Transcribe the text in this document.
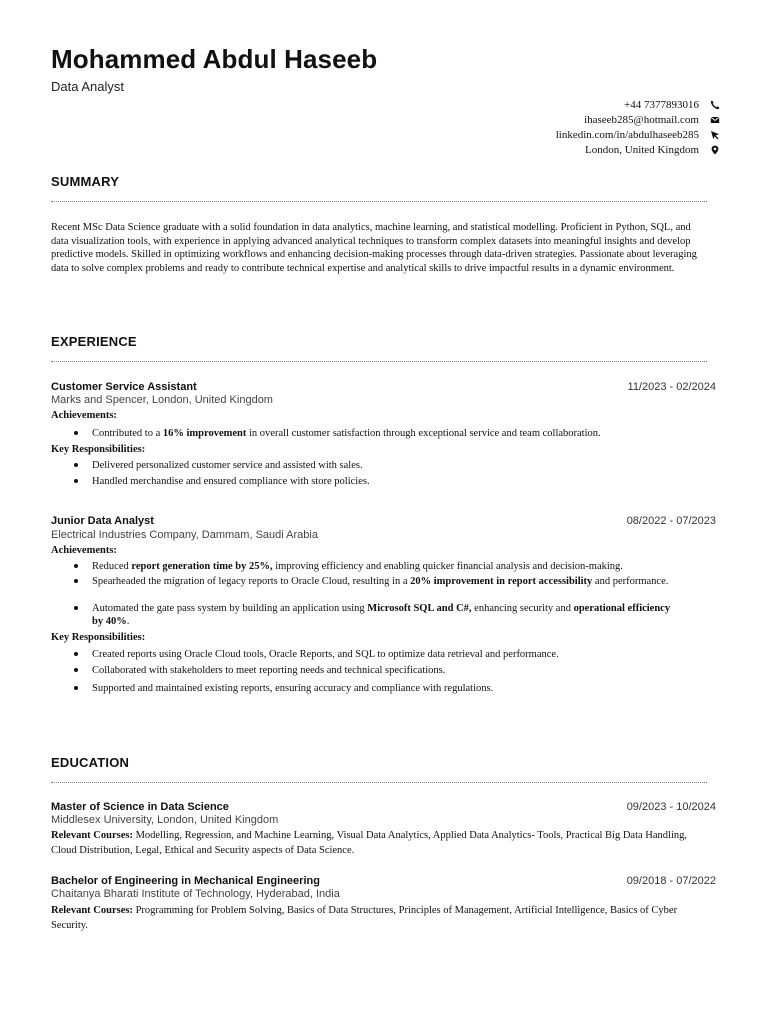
Mohammed Abdul Haseeb
Data Analyst
+44 7377893016
ihaseeb285@hotmail.com
linkedin.com/in/abdulhaseeb285
London, United Kingdom
SUMMARY
Recent MSc Data Science graduate with a solid foundation in data analytics, machine learning, and statistical modelling. Proficient in Python, SQL, and data visualization tools, with experience in applying advanced analytical techniques to transform complex datasets into meaningful insights and develop predictive models. Skilled in optimizing workflows and enhancing decision-making processes through data-driven strategies. Passionate about leveraging data to solve complex problems and ready to contribute technical expertise and analytical skills to drive impactful results in a dynamic environment.
EXPERIENCE
Customer Service Assistant	11/2023 - 02/2024
Marks and Spencer, London, United Kingdom
Achievements:
Contributed to a 16% improvement in overall customer satisfaction through exceptional service and team collaboration.
Key Responsibilities:
Delivered personalized customer service and assisted with sales.
Handled merchandise and ensured compliance with store policies.
Junior Data Analyst	08/2022 - 07/2023
Electrical Industries Company, Dammam, Saudi Arabia
Achievements:
Reduced report generation time by 25%, improving efficiency and enabling quicker financial analysis and decision-making.
Spearheaded the migration of legacy reports to Oracle Cloud, resulting in a 20% improvement in report accessibility and performance.
Automated the gate pass system by building an application using Microsoft SQL and C#, enhancing security and operational efficiency by 40%.
Key Responsibilities:
Created reports using Oracle Cloud tools, Oracle Reports, and SQL to optimize data retrieval and performance.
Collaborated with stakeholders to meet reporting needs and technical specifications.
Supported and maintained existing reports, ensuring accuracy and compliance with regulations.
EDUCATION
Master of Science in Data Science	09/2023 - 10/2024
Middlesex University, London, United Kingdom
Relevant Courses: Modelling, Regression, and Machine Learning, Visual Data Analytics, Applied Data Analytics- Tools, Practical Big Data Handling, Cloud Distribution, Legal, Ethical and Security aspects of Data Science.
Bachelor of Engineering in Mechanical Engineering	09/2018 - 07/2022
Chaitanya Bharati Institute of Technology, Hyderabad, India
Relevant Courses: Programming for Problem Solving, Basics of Data Structures, Principles of Management, Artificial Intelligence, Basics of Cyber Security.
